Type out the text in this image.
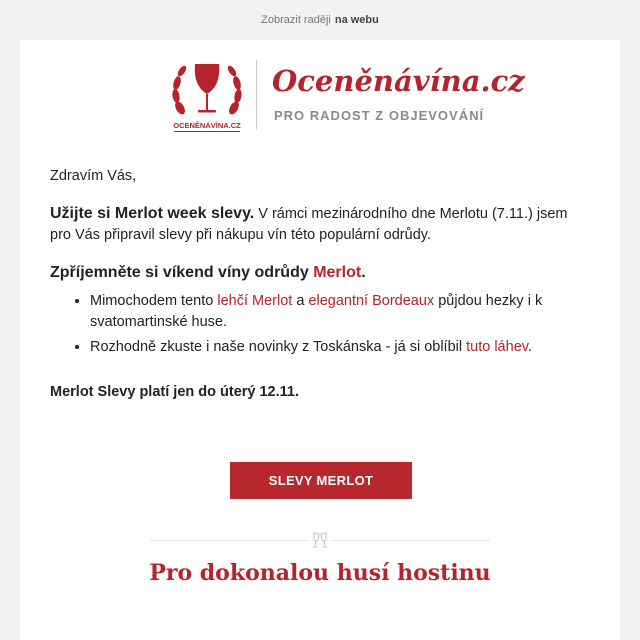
Zobrazit raději na webu
OCENĚNÁVÍNA.CZ
Oceněnávína.cz
PRO RADOST Z OBJEVOVÁNÍ

Zdravím Vás,

Užijte si Merlot week slevy. V rámci mezinárodního dne Merlotu (7.11.) jsem pro Vás připravil slevy při nákupu vín této populární odrůdy.

Zpříjemněte si víkend víny odrůdy Merlot.

• Mimochodem tento lehčí Merlot a elegantní Bordeaux půjdou hezky i k svatomartinské huse.
• Rozhodně zkuste i naše novinky z Toskánska - já si oblíbil tuto láhev.

Merlot Slevy platí jen do úterý 12.11.

SLEVY MERLOT
Pro dokonalou husí hostinu
